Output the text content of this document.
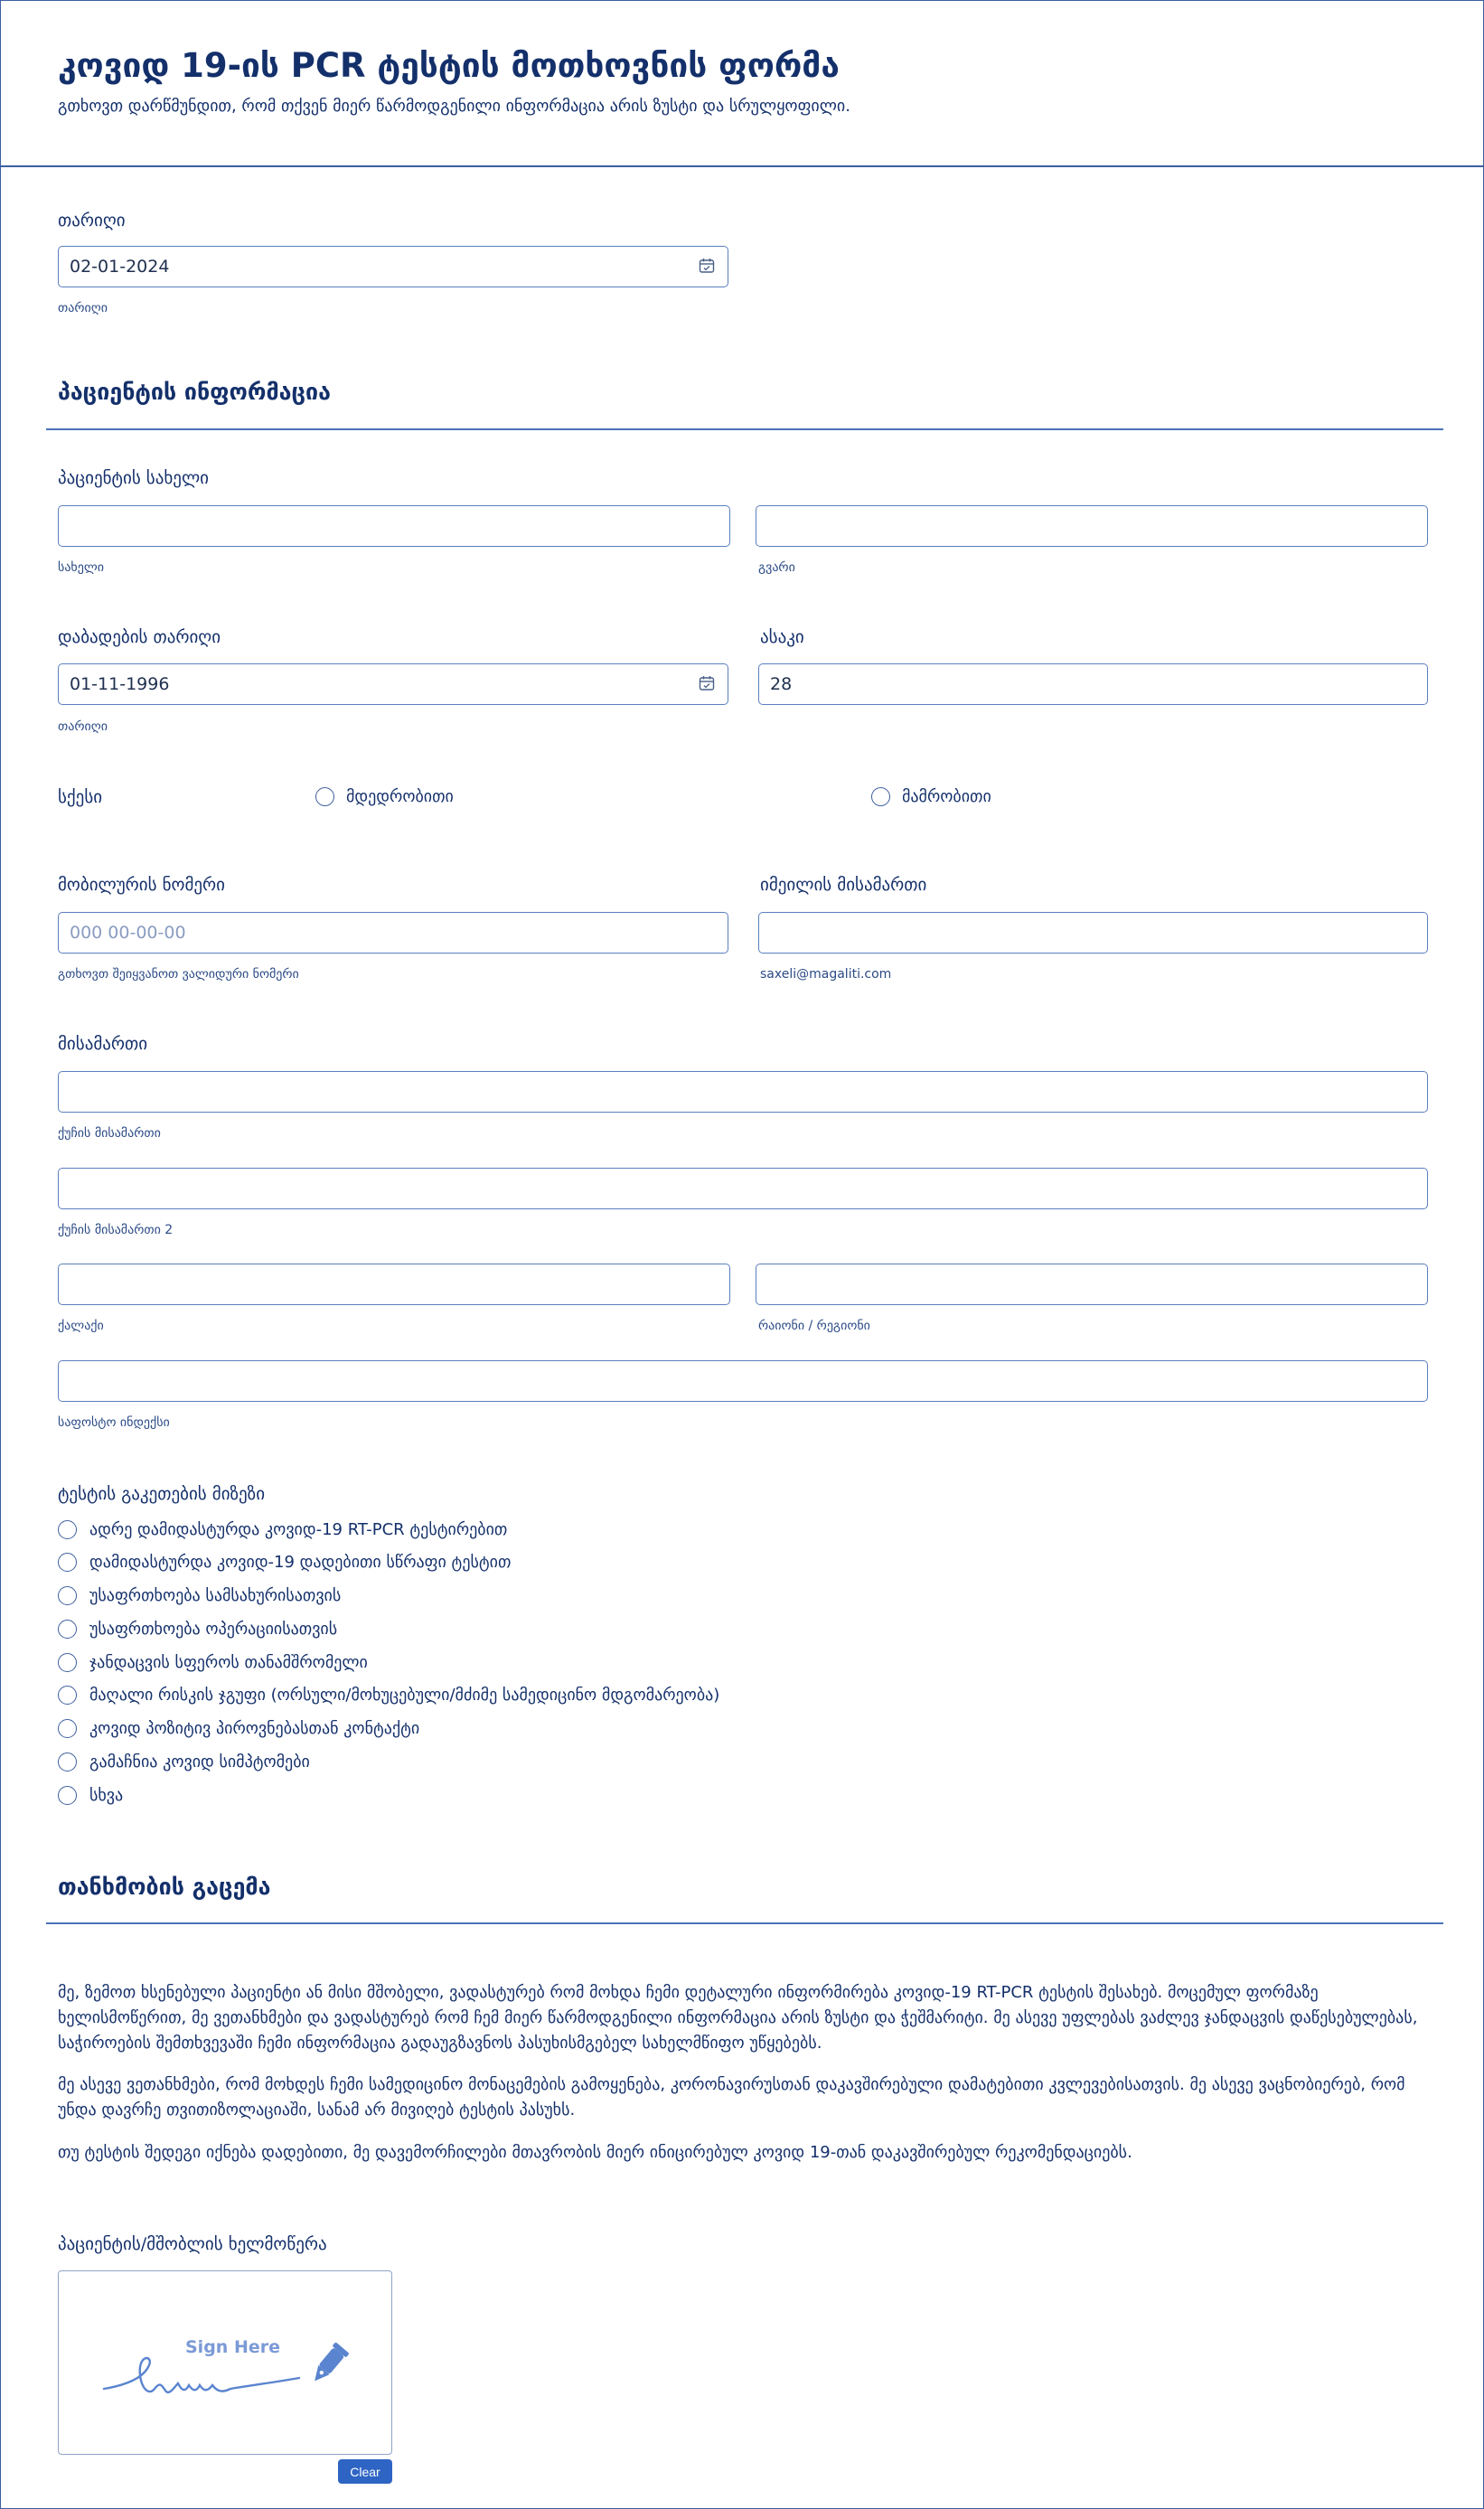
კოვიდ 19-ის PCR ტესტის მოთხოვნის ფორმა
გთხოვთ დარწმუნდით, რომ თქვენ მიერ წარმოდგენილი ინფორმაცია არის ზუსტი და სრულყოფილი.
თარიღი
02-01-2024
თარიღი
პაციენტის ინფორმაცია
პაციენტის სახელი
სახელი	გვარი
დაბადების თარიღი
01-11-1996
თარიღი
ასაკი
28
სქესი	მდედრობითი	მამრობითი
მობილურის ნომერი
000 00-00-00
გთხოვთ შეიყვანოთ ვალიდური ნომერი
იმეილის მისამართი
saxeli@magaliti.com
მისამართი
ქუჩის მისამართი
ქუჩის მისამართი 2
ქალაქი	რაიონი / რეგიონი
საფოსტო ინდექსი
ტესტის გაკეთების მიზეზი
ადრე დამიდასტურდა კოვიდ-19 RT-PCR ტესტირებით
დამიდასტურდა კოვიდ-19 დადებითი სწრაფი ტესტით
უსაფრთხოება სამსახურისათვის
უსაფრთხოება ოპერაციისათვის
ჯანდაცვის სფეროს თანამშრომელი
მაღალი რისკის ჯგუფი (ორსული/მოხუცებული/მძიმე სამედიცინო მდგომარეობა)
კოვიდ პოზიტივ პიროვნებასთან კონტაქტი
გამაჩნია კოვიდ სიმპტომები
სხვა
თანხმობის გაცემა
მე, ზემოთ ხსენებული პაციენტი ან მისი მშობელი, ვადასტურებ რომ მოხდა ჩემი დეტალური ინფორმირება კოვიდ-19 RT-PCR ტესტის შესახებ. მოცემულ ფორმაზე ხელისმოწერით, მე ვეთანხმები და ვადასტურებ რომ ჩემ მიერ წარმოდგენილი ინფორმაცია არის ზუსტი და ჭეშმარიტი. მე ასევე უფლებას ვაძლევ ჯანდაცვის დაწესებულებას, საჭიროების შემთხვევაში ჩემი ინფორმაცია გადაუგზავნოს პასუხისმგებელ სახელმწიფო უწყებებს.
მე ასევე ვეთანხმები, რომ მოხდეს ჩემი სამედიცინო მონაცემების გამოყენება, კორონავირუსთან დაკავშირებული დამატებითი კვლევებისათვის. მე ასევე ვაცნობიერებ, რომ უნდა დავრჩე თვითიზოლაციაში, სანამ არ მივიღებ ტესტის პასუხს.
თუ ტესტის შედეგი იქნება დადებითი, მე დავემორჩილები მთავრობის მიერ ინიცირებულ კოვიდ 19-თან დაკავშირებულ რეკომენდაციებს.
პაციენტის/მშობლის ხელმოწერა
Sign Here
Clear
